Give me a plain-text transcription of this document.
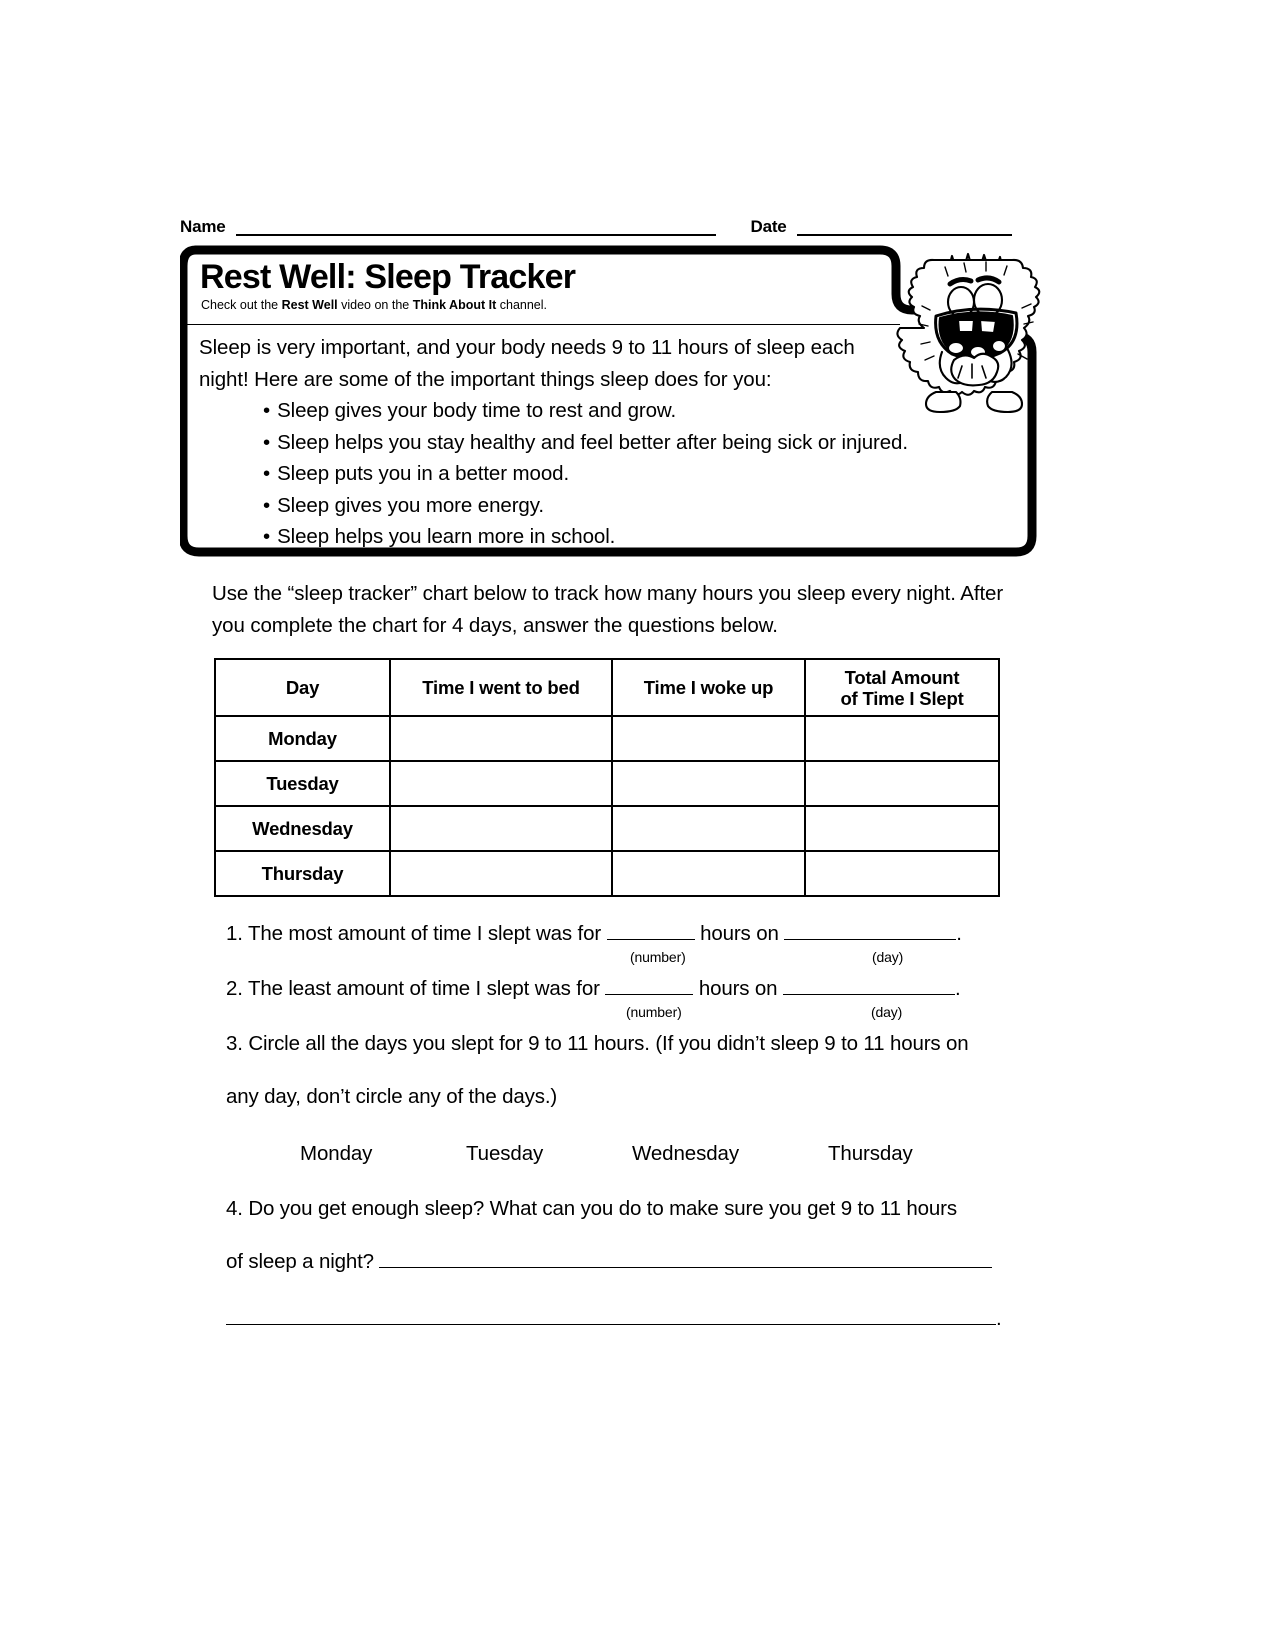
Name	Date
Rest Well: Sleep Tracker
Check out the Rest Well video on the Think About It channel.
Sleep is very important, and your body needs 9 to 11 hours of sleep each night! Here are some of the important things sleep does for you:
• Sleep gives your body time to rest and grow.
• Sleep helps you stay healthy and feel better after being sick or injured.
• Sleep puts you in a better mood.
• Sleep gives you more energy.
• Sleep helps you learn more in school.
Use the “sleep tracker” chart below to track how many hours you sleep every night. After you complete the chart for 4 days, answer the questions below.
Day	Time I went to bed	Time I woke up	Total Amount
of Time I Slept

Monday			
Tuesday			
Wednesday			
Thursday			
1. The most amount of time I slept was for	hours on	.
(number)	(day)
2. The least amount of time I slept was for	hours on	.
(number)	(day)
3. Circle all the days you slept for 9 to 11 hours. (If you didn’t sleep 9 to 11 hours on
any day, don’t circle any of the days.)
Monday	Tuesday	Wednesday	Thursday
4. Do you get enough sleep? What can you do to make sure you get 9 to 11 hours
of sleep a night?
.
